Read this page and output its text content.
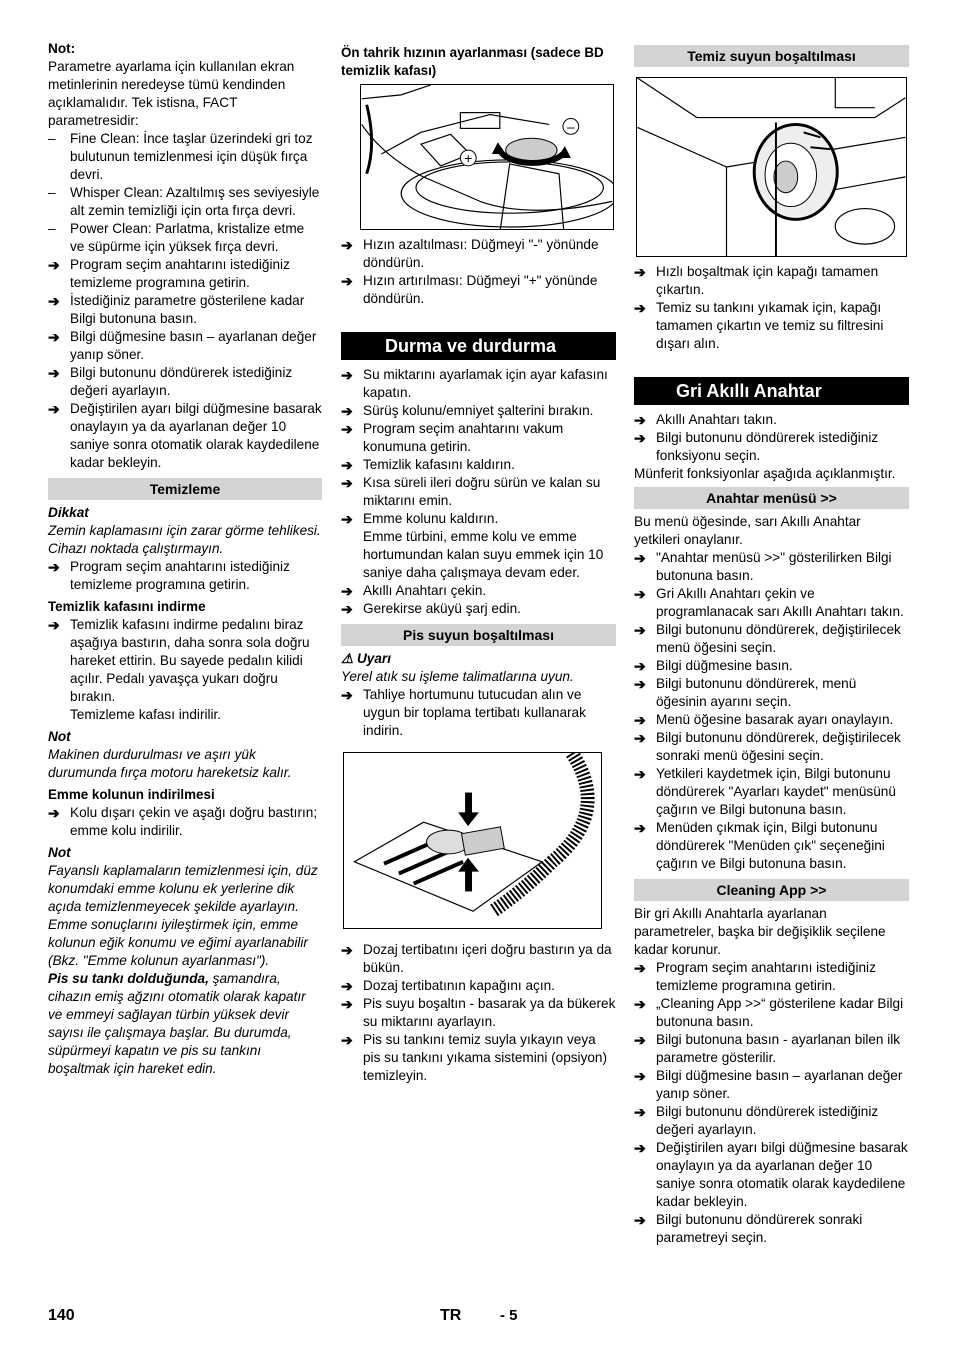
Not:

Parametre ayarlama için kullanılan ekran metinlerinin neredeyse tümü kendinden açıklamalıdır. Tek istisna, FACT parametresidir:

–	Fine Clean: İnce taşlar üzerindeki gri toz bulutunun temizlenmesi için düşük fırça devri.
–	Whisper Clean: Azaltılmış ses seviyesiyle alt zemin temizliği için orta fırça devri.
–	Power Clean: Parlatma, kristalize etme ve süpürme için yüksek fırça devri.
➔ Program seçim anahtarını istediğiniz temizleme programına getirin.
➔ İstediğiniz parametre gösterilene kadar Bilgi butonuna basın.
➔ Bilgi düğmesine basın – ayarlanan değer yanıp söner.
➔ Bilgi butonunu döndürerek istediğiniz değeri ayarlayın.
➔ Değiştirilen ayarı bilgi düğmesine basarak onaylayın ya da ayarlanan değer 10 saniye sonra otomatik olarak kaydedilene kadar bekleyin.
Temizleme

Dikkat

Zemin kaplamasını için zarar görme tehlikesi. Cihazı noktada çalıştırmayın.

➔ Program seçim anahtarını istediğiniz temizleme programına getirin.

Temizlik kafasını indirme

➔ Temizlik kafasını indirme pedalını biraz aşağıya bastırın, daha sonra sola doğru hareket ettirin. Bu sayede pedalın kilidi açılır. Pedalı yavaşça yukarı doğru bırakın.

Temizleme kafası indirilir.

Not

Makinen durdurulması ve aşırı yük durumunda fırça motoru hareketsiz kalır.

Emme kolunun indirilmesi

➔ Kolu dışarı çekin ve aşağı doğru bastırın; emme kolu indirilir.

Not

Fayanslı kaplamaların temizlenmesi için, düz konumdaki emme kolunu ek yerlerine dik açıda temizlenmeyecek şekilde ayarlayın.

Emme sonuçlarını iyileştirmek için, emme kolunun eğik konumu ve eğimi ayarlanabilir (Bkz. "Emme kolunun ayarlanması").

Pis su tankı dolduğunda, şamandıra, cihazın emiş ağzını otomatik olarak kapatır ve emmeyi sağlayan türbin yüksek devir sayısı ile çalışmaya başlar. Bu durumda, süpürmeyi kapatın ve pis su tankını boşaltmak için hareket edin.

Ön tahrik hızının ayarlanması (sadece BD temizlik kafası)

–
+
➔ Hızın azaltılması: Düğmeyi "-" yönünde döndürün.
➔ Hızın artırılması: Düğmeyi "+" yönünde döndürün.
Durma ve durdurma
➔ Su miktarını ayarlamak için ayar kafasını kapatın.
➔ Sürüş kolunu/emniyet şalterini bırakın.
➔ Program seçim anahtarını vakum konumuna getirin.
➔ Temizlik kafasını kaldırın.
➔ Kısa süreli ileri doğru sürün ve kalan su miktarını emin.
➔ Emme kolunu kaldırın.

Emme türbini, emme kolu ve emme hortumundan kalan suyu emmek için 10 saniye daha çalışmaya devam eder.

➔ Akıllı Anahtarı çekin.
➔ Gerekirse aküyü şarj edin.
Pis suyun boşaltılması

⚠ Uyarı

Yerel atık su işleme talimatlarına uyun.

➔ Tahliye hortumunu tutucudan alın ve uygun bir toplama tertibatı kullanarak indirin.
➔ Dozaj tertibatını içeri doğru bastırın ya da bükün.
➔ Dozaj tertibatının kapağını açın.
➔ Pis suyu boşaltın - basarak ya da bükerek su miktarını ayarlayın.
➔ Pis su tankını temiz suyla yıkayın veya pis su tankını yıkama sistemini (opsiyon) temizleyin.
Temiz suyun boşaltılması
➔ Hızlı boşaltmak için kapağı tamamen çıkartın.
➔ Temiz su tankını yıkamak için, kapağı tamamen çıkartın ve temiz su filtresini dışarı alın.
Gri Akıllı Anahtar
➔ Akıllı Anahtarı takın.
➔ Bilgi butonunu döndürerek istediğiniz fonksiyonu seçin.

Münferit fonksiyonlar aşağıda açıklanmıştır.

Anahtar menüsü >>

Bu menü öğesinde, sarı Akıllı Anahtar yetkileri onaylanır.

➔ "Anahtar menüsü >>" gösterilirken Bilgi butonuna basın.
➔ Gri Akıllı Anahtarı çekin ve programlanacak sarı Akıllı Anahtarı takın.
➔ Bilgi butonunu döndürerek, değiştirilecek menü öğesini seçin.
➔ Bilgi düğmesine basın.
➔ Bilgi butonunu döndürerek, menü öğesinin ayarını seçin.
➔ Menü öğesine basarak ayarı onaylayın.
➔ Bilgi butonunu döndürerek, değiştirilecek sonraki menü öğesini seçin.
➔ Yetkileri kaydetmek için, Bilgi butonunu döndürerek "Ayarları kaydet" menüsünü çağırın ve Bilgi butonuna basın.
➔ Menüden çıkmak için, Bilgi butonunu döndürerek "Menüden çık" seçeneğini çağırın ve Bilgi butonuna basın.
Cleaning App >>

Bir gri Akıllı Anahtarla ayarlanan parametreler, başka bir değişiklik seçilene kadar korunur.

➔ Program seçim anahtarını istediğiniz temizleme programına getirin.
➔ „Cleaning App >>“ gösterilene kadar Bilgi butonuna basın.
➔ Bilgi butonuna basın - ayarlanan bilen ilk parametre gösterilir.
➔ Bilgi düğmesine basın – ayarlanan değer yanıp söner.
➔ Bilgi butonunu döndürerek istediğiniz değeri ayarlayın.
➔ Değiştirilen ayarı bilgi düğmesine basarak onaylayın ya da ayarlanan değer 10 saniye sonra otomatik olarak kaydedilene kadar bekleyin.
➔ Bilgi butonunu döndürerek sonraki parametreyi seçin.
140	TR	- 5
